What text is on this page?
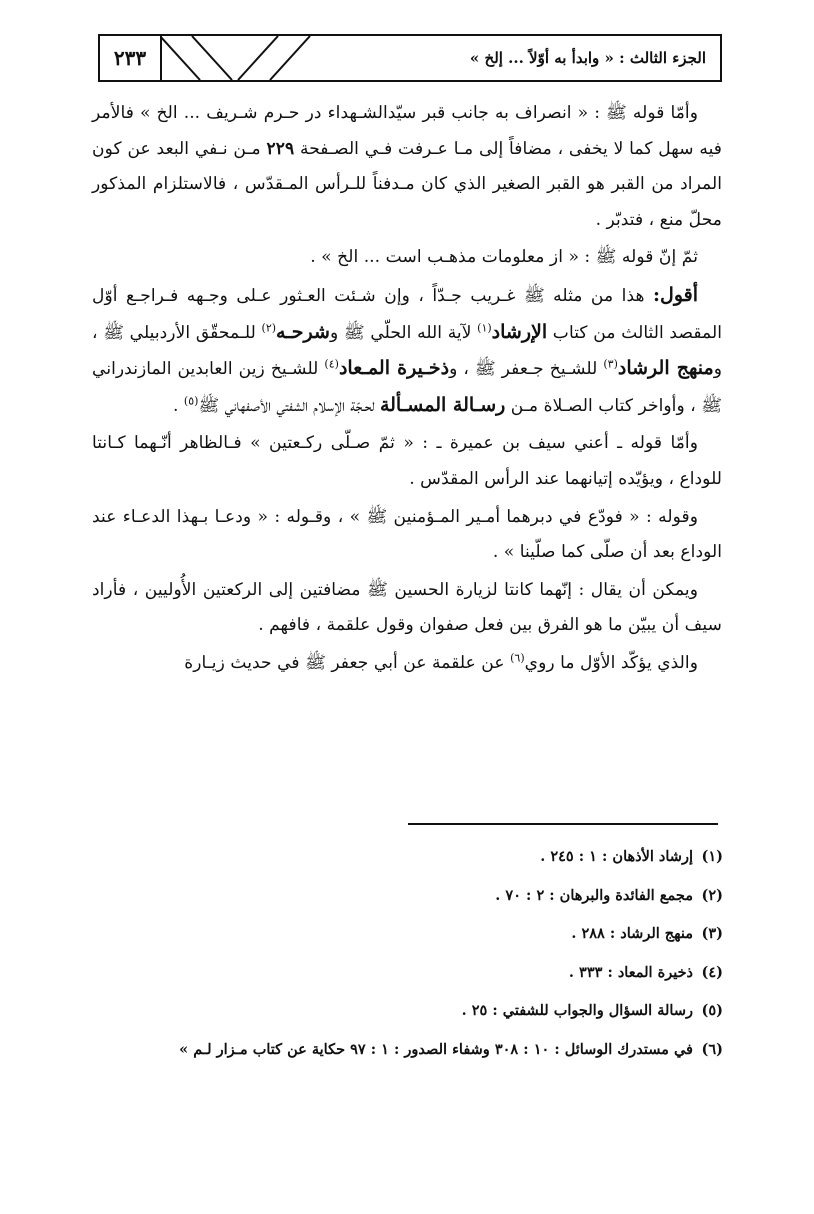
٢٣٣	الجزء الثالث : « وابدأ به أوّلاً ... إلخ »

وأمّا قوله ﷺ : « انصراف به جانب قبر سيّدالشـهداء در حـرم شـريف ... الخ » فالأمر فيه سهل كما لا يخفى ، مضافاً إلى مـا عـرفت فـي الصـفحة ٢٢٩ مـن نـفي البعد عن كون المراد من القبر هو القبر الصغير الذي كان مـدفناً للـرأس المـقدّس ، فالاستلزام المذكور محلّ منع ، فتدبّر .

ثمّ إنّ قوله ﷺ : « از معلومات مذهـب است ... الخ » .

أقول: هذا من مثله ﷺ غـريب جـدّاً ، وإن شـئت العـثور عـلى وجـهه فـراجـع أوّل المقصد الثالث من كتاب الإرشاد$^{(١)}$ لآية الله الحلّي ﷺ وشرحـه$^{(٢)}$ للـمحقّق الأردبيلي ﷺ ، ومنهج الرشاد$^{(٣)}$ للشـيخ جـعفر ﷺ ، وذخـيرة المـعاد$^{(٤)}$ للشـيخ زين العابدين المازندراني ﷺ ، وأواخر كتاب الصـلاة مـن رسـالة المسـألة لحـجّة الإسلام الشفتي الأصفهاني ﷺ$^{(٥)}$ .

وأمّا قوله ـ أعني سيف بن عميرة ـ : « ثمّ صـلّى ركـعتين » فـالظاهر أنّـهما كـانتا للوداع ، ويؤيّده إتيانهما عند الرأس المقدّس .

وقوله : « فودّع في دبرهما أمـير المـؤمنين ﷺ » ، وقـوله : « ودعـا بـهذا الدعـاء عند الوداع بعد أن صلّى كما صلّينا » .

ويمكن أن يقال : إنّهما كانتا لزيارة الحسين ﷺ مضافتين إلى الركعتين الأُوليين ، فأراد سيف أن يبيّن ما هو الفرق بين فعل صفوان وقول علقمة ، فافهم .

والذي يؤكّد الأوّل ما روي$^{(٦)}$ عن علقمة عن أبي جعفر ﷺ في حديث زيـارة

(١)
إرشاد الأذهان : ١ : ٢٤٥ .
(٢)
مجمع الفائدة والبرهان : ٢ : ٧٠ .
(٣)
منهج الرشاد : ٢٨٨ .
(٤)
ذخيرة المعاد : ٣٣٣ .
(٥)
رسالة السؤال والجواب للشفتي : ٢٥ .
(٦)
في مستدرك الوسائل : ١٠ : ٣٠٨ وشفاء الصدور : ١ : ٩٧ حكاية عن كتاب مـزار لـم »
